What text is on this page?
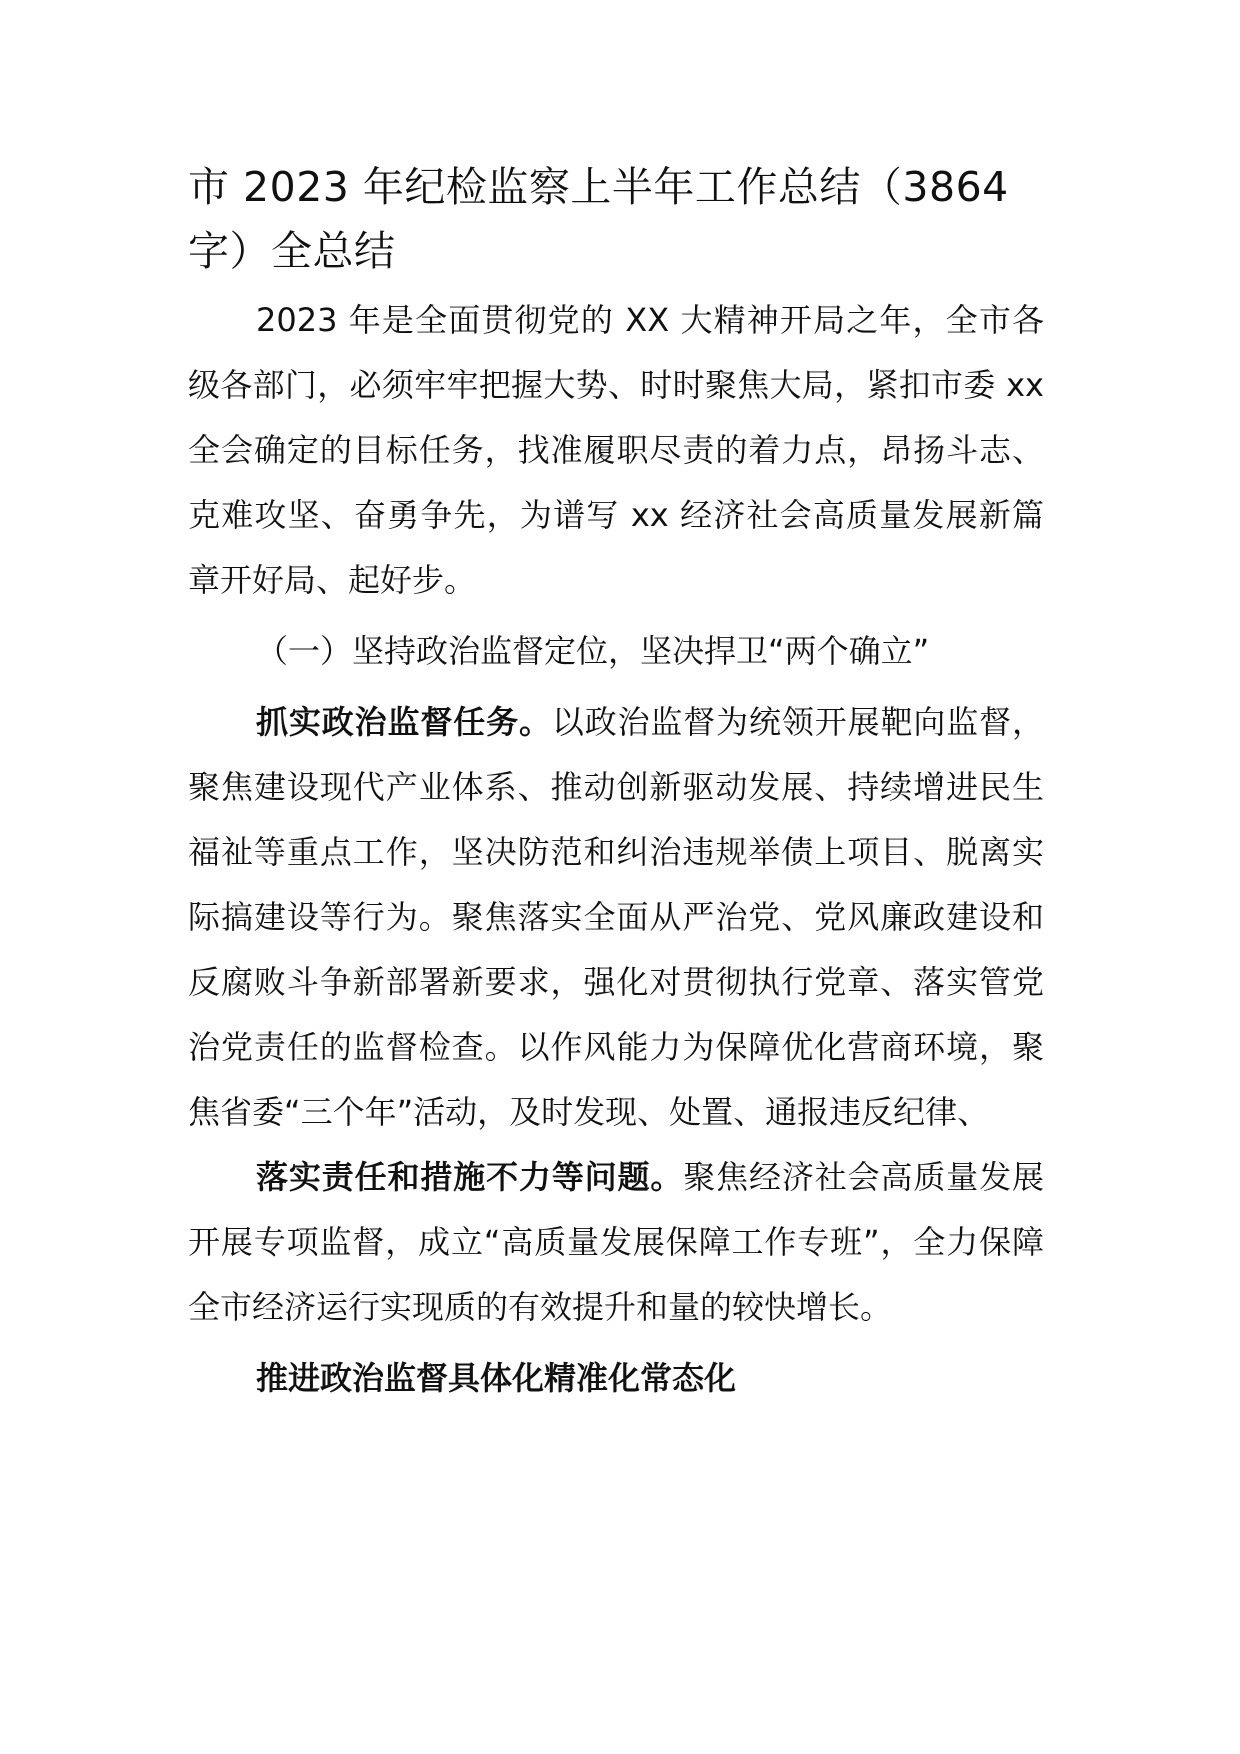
市 2023 年纪检监察上半年工作总结（3864字）全总结

2023 年是全面贯彻党的 XX 大精神开局之年，全市各级各部门，必须牢牢把握大势、时时聚焦大局，紧扣市委 xx 全会确定的目标任务，找准履职尽责的着力点，昂扬斗志、克难攻坚、奋勇争先，为谱写 xx 经济社会高质量发展新篇章开好局、起好步。

（一）坚持政治监督定位，坚决捍卫“两个确立”

抓实政治监督任务。以政治监督为统领开展靶向监督，聚焦建设现代产业体系、推动创新驱动发展、持续增进民生福祉等重点工作，坚决防范和纠治违规举债上项目、脱离实际搞建设等行为。聚焦落实全面从严治党、党风廉政建设和反腐败斗争新部署新要求，强化对贯彻执行党章、落实管党治党责任的监督检查。以作风能力为保障优化营商环境，聚焦省委“三个年”活动，及时发现、处置、通报违反纪律、

落实责任和措施不力等问题。聚焦经济社会高质量发展开展专项监督，成立“高质量发展保障工作专班”，全力保障全市经济运行实现质的有效提升和量的较快增长。

推进政治监督具体化精准化常态化
